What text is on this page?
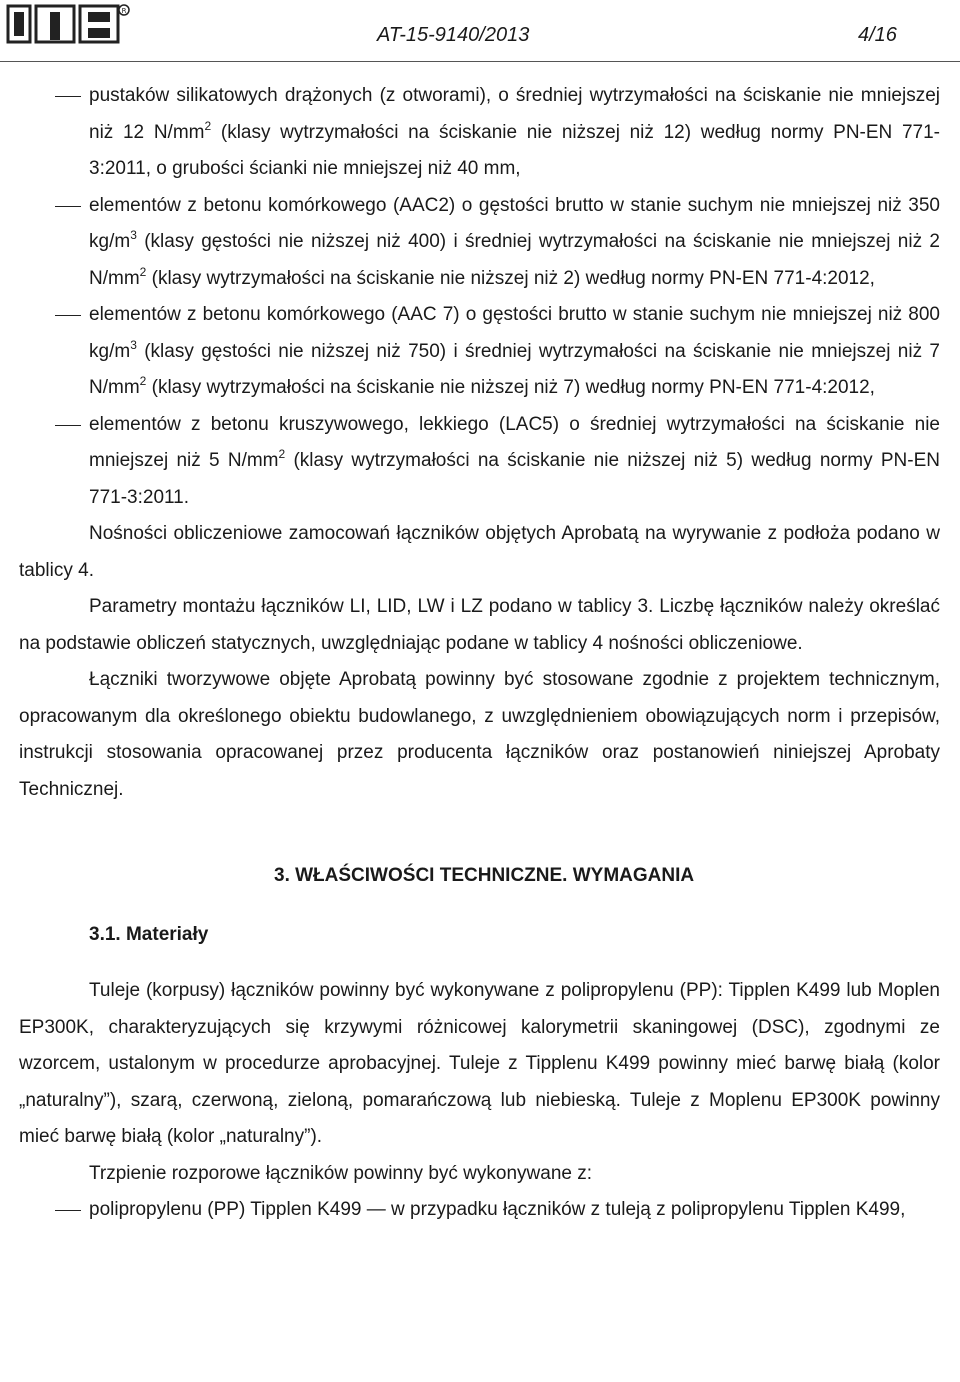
R
AT-15-9140/2013	4/16
pustaków silikatowych drążonych (z otworami), o średniej wytrzymałości na ściskanie nie mniejszej niż 12 $N/mm^2$ (klasy wytrzymałości na ściskanie nie niższej niż 12) według normy PN-EN 771-3:2011, o grubości ścianki nie mniejszej niż 40 mm,
elementów z betonu komórkowego (AAC2) o gęstości brutto w stanie suchym nie mniejszej niż 350 $kg/m^3$ (klasy gęstości nie niższej niż 400) i średniej wytrzymałości na ściskanie nie mniejszej niż 2 $N/mm^2$ (klasy wytrzymałości na ściskanie nie niższej niż 2) według normy PN-EN 771-4:2012,
elementów z betonu komórkowego (AAC 7) o gęstości brutto w stanie suchym nie mniejszej niż 800 $kg/m^3$ (klasy gęstości nie niższej niż 750) i średniej wytrzymałości na ściskanie nie mniejszej niż 7 $N/mm^2$ (klasy wytrzymałości na ściskanie nie niższej niż 7) według normy PN-EN 771-4:2012,
elementów z betonu kruszywowego, lekkiego (LAC5) o średniej wytrzymałości na ściskanie nie mniejszej niż 5 $N/mm^2$ (klasy wytrzymałości na ściskanie nie niższej niż 5) według normy PN-EN 771-3:2011.

Nośności obliczeniowe zamocowań łączników objętych Aprobatą na wyrywanie z podłoża podano w tablicy 4.

Parametry montażu łączników LI, LID, LW i LZ podano w tablicy 3. Liczbę łączników należy określać na podstawie obliczeń statycznych, uwzględniając podane w tablicy 4 nośności obliczeniowe.

Łączniki tworzywowe objęte Aprobatą powinny być stosowane zgodnie z projektem technicznym, opracowanym dla określonego obiektu budowlanego, z uwzględnieniem obowiązujących norm i przepisów, instrukcji stosowania opracowanej przez producenta łączników oraz postanowień niniejszej Aprobaty Technicznej.

3. WŁAŚCIWOŚCI TECHNICZNE. WYMAGANIA

3.1. Materiały

Tuleje (korpusy) łączników powinny być wykonywane z polipropylenu (PP): Tipplen K499 lub Moplen EP300K, charakteryzujących się krzywymi różnicowej kalorymetrii skaningowej (DSC), zgodnymi ze wzorcem, ustalonym w procedurze aprobacyjnej. Tuleje z Tipplenu K499 powinny mieć barwę białą (kolor „naturalny”), szarą, czerwoną, zieloną, pomarańczową lub niebieską. Tuleje z Moplenu EP300K powinny mieć barwę białą (kolor „naturalny”).

Trzpienie rozporowe łączników powinny być wykonywane z:

polipropylenu (PP) Tipplen K499 — w przypadku łączników z tuleją z polipropylenu Tipplen K499,
